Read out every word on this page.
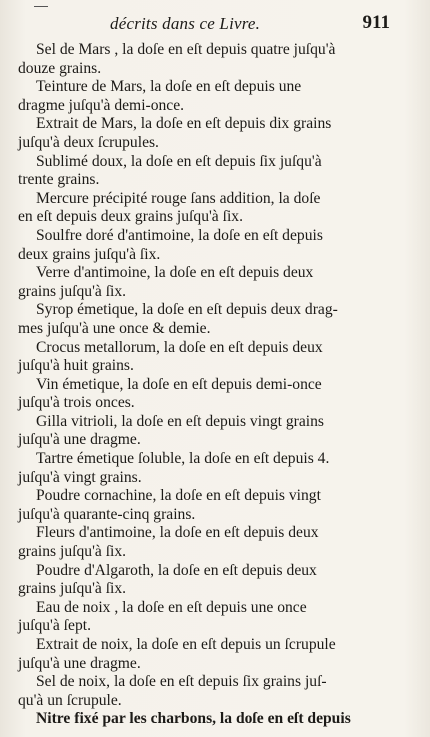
décrits dans ce Livre.	911

Sel de Mars , la doſe en eſt depuis quatre juſqu'à
douze grains.

Teinture de Mars, la doſe en eſt depuis une
dragme juſqu'à demi-once.

Extrait de Mars, la doſe en eſt depuis dix grains
juſqu'à deux ſcrupules.

Sublimé doux, la doſe en eſt depuis ſix juſqu'à
trente grains.

Mercure précipité rouge ſans addition, la doſe
en eſt depuis deux grains juſqu'à ſix.

Soulfre doré d'antimoine, la doſe en eſt depuis
deux grains juſqu'à ſix.

Verre d'antimoine, la doſe en eſt depuis deux
grains juſqu'à ſix.

Syrop émetique, la doſe en eſt depuis deux drag-
mes juſqu'à une once & demie.

Crocus metallorum, la doſe en eſt depuis deux
juſqu'à huit grains.

Vin émetique, la doſe en eſt depuis demi-once
juſqu'à trois onces.

Gilla vitrioli, la doſe en eſt depuis vingt grains
juſqu'à une dragme.

Tartre émetique ſoluble, la doſe en eſt depuis 4.
juſqu'à vingt grains.

Poudre cornachine, la doſe en eſt depuis vingt
juſqu'à quarante-cinq grains.

Fleurs d'antimoine, la doſe en eſt depuis deux
grains juſqu'à ſix.

Poudre d'Algaroth, la doſe en eſt depuis deux
grains juſqu'à ſix.

Eau de noix , la doſe en eſt depuis une once
juſqu'à ſept.

Extrait de noix, la doſe en eſt depuis un ſcrupule
juſqu'à une dragme.

Sel de noix, la doſe en eſt depuis ſix grains juſ-
qu'à un ſcrupule.

Nitre fixé par les charbons, la doſe en eſt depuis
